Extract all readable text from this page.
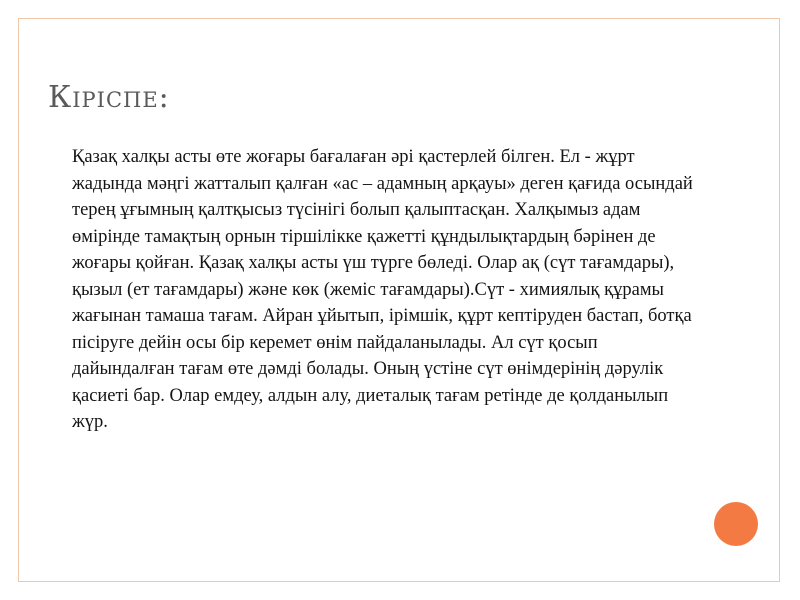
Кіріспе:

Қазақ халқы асты өте жоғары бағалаған әрі қастерлей білген. Ел - жұрт жадында мәңгі жатталып қалған «ас – адамның арқауы» деген қағида осындай терең ұғымның қалтқысыз түсінігі болып қалыптасқан. Халқымыз адам өмірінде тамақтың орнын тіршілікке қажетті құндылықтардың бәрінен де жоғары қойған. Қазақ халқы асты үш түрге бөледі. Олар ақ (сүт тағамдары), қызыл (ет тағамдары) және көк (жеміс тағамдары).Сүт - химиялық құрамы жағынан тамаша тағам. Айран ұйытып, ірімшік, құрт кептіруден бастап, ботқа пісіруге дейін осы бір керемет өнім пайдаланылады. Ал сүт қосып дайындалған тағам өте дәмді болады. Оның үстіне сүт өнімдерінің дәрулік қасиеті бар. Олар емдеу, алдын алу, диеталық тағам ретінде де қолданылып жүр.
